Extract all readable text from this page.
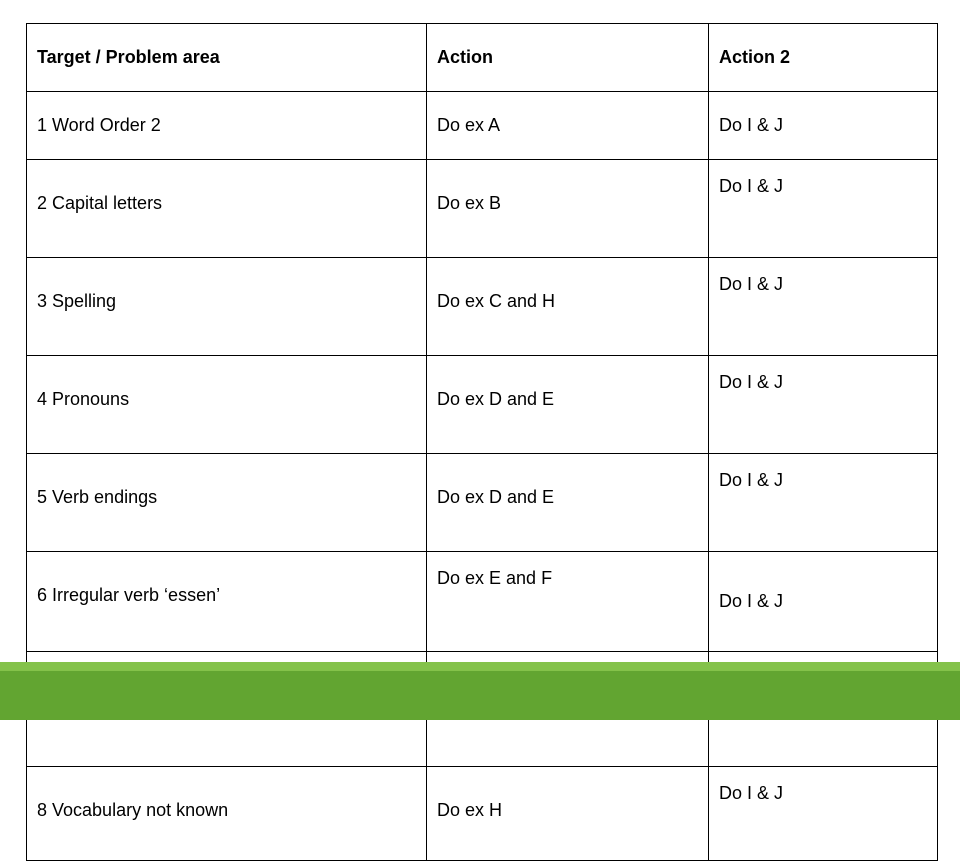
Target / Problem area	Action	Action 2
1 Word Order 2	Do ex A	Do I & J
2 Capital letters	Do ex B	Do I & J
3 Spelling	Do ex C and H	Do I & J
4 Pronouns	Do ex D and E	Do I & J
5 Verb endings	Do ex D and E	Do I & J
6 Irregular verb ‘essen’	Do ex E and F	Do I & J

8 Vocabulary not known	Do ex H	Do I & J
